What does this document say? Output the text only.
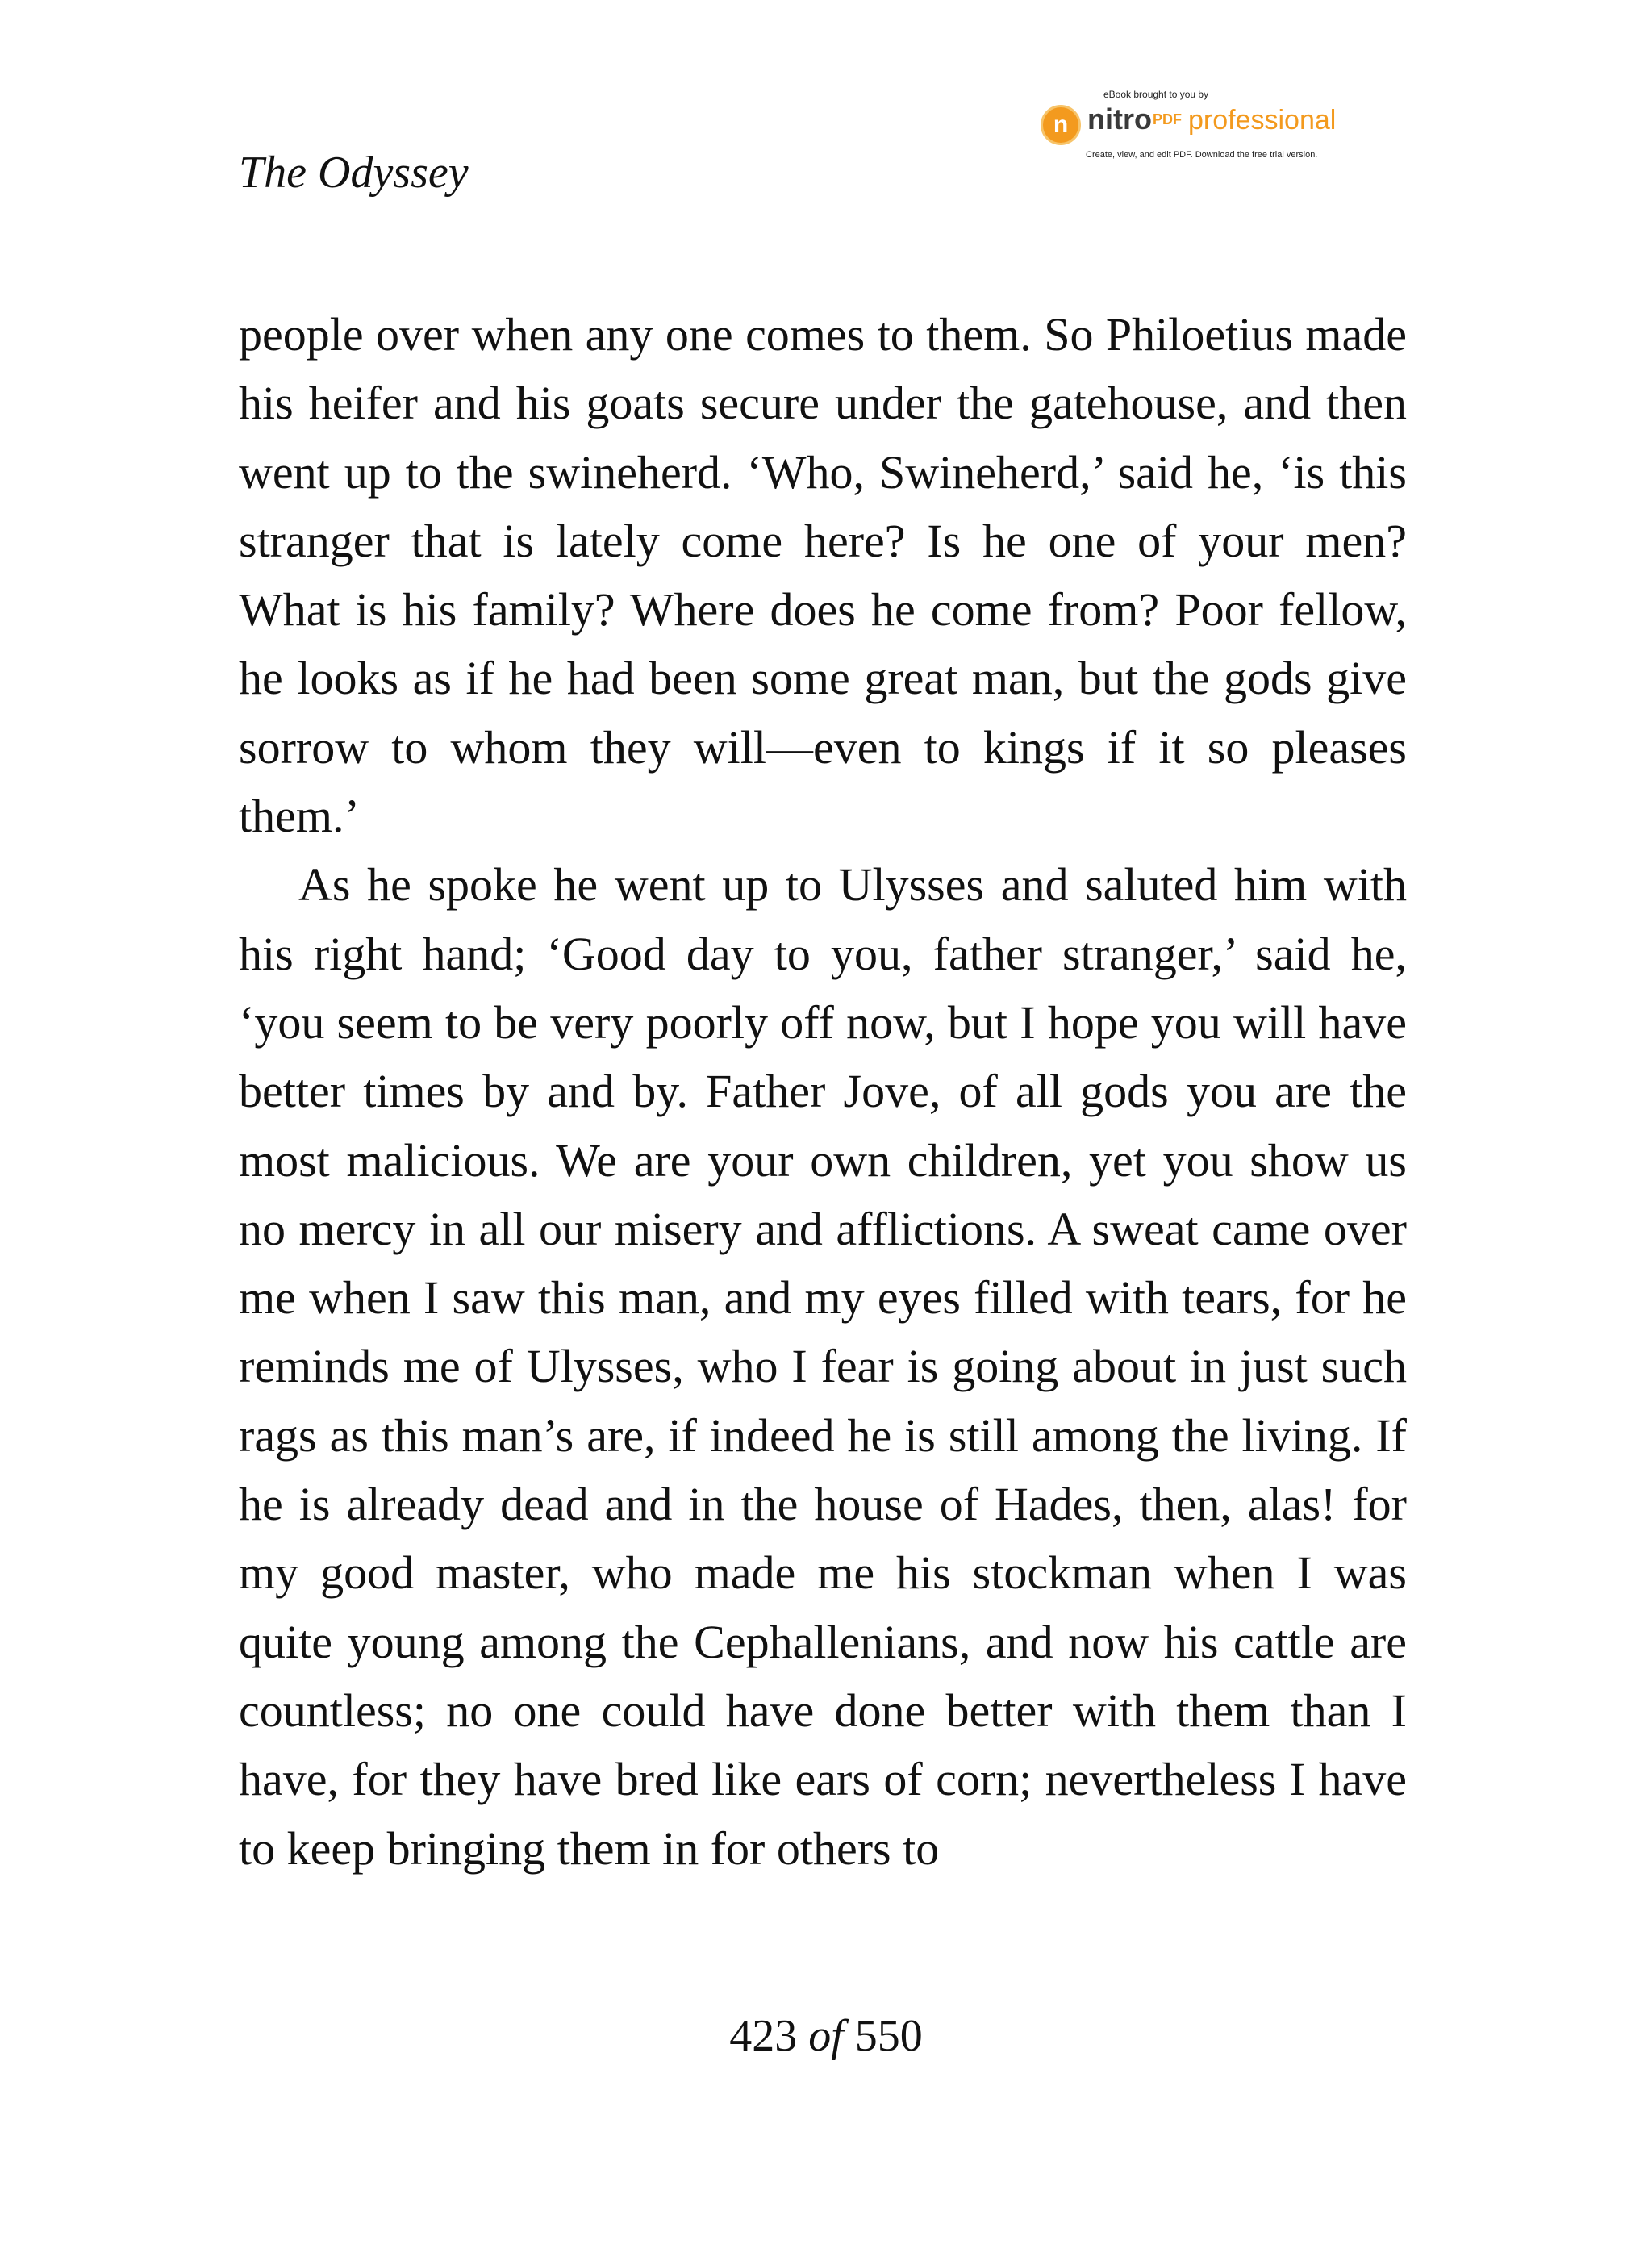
The Odyssey
eBook brought to you by
n nitroPDF professional
Create, view, and edit PDF. Download the free trial version.

people over when any one comes to them. So Philoetius made his heifer and his goats secure under the gatehouse, and then went up to the swineherd. ‘Who, Swineherd,’ said he, ‘is this stranger that is lately come here? Is he one of your men? What is his family? Where does he come from? Poor fellow, he looks as if he had been some great man, but the gods give sorrow to whom they will—even to kings if it so pleases them.’

As he spoke he went up to Ulysses and saluted him with his right hand; ‘Good day to you, father stranger,’ said he, ‘you seem to be very poorly off now, but I hope you will have better times by and by. Father Jove, of all gods you are the most malicious. We are your own children, yet you show us no mercy in all our misery and afflictions. A sweat came over me when I saw this man, and my eyes filled with tears, for he reminds me of Ulysses, who I fear is going about in just such rags as this man’s are, if indeed he is still among the living. If he is already dead and in the house of Hades, then, alas! for my good master, who made me his stockman when I was quite young among the Cephallenians, and now his cattle are countless; no one could have done better with them than I have, for they have bred like ears of corn; nevertheless I have to keep bringing them in for others to

423 of 550
